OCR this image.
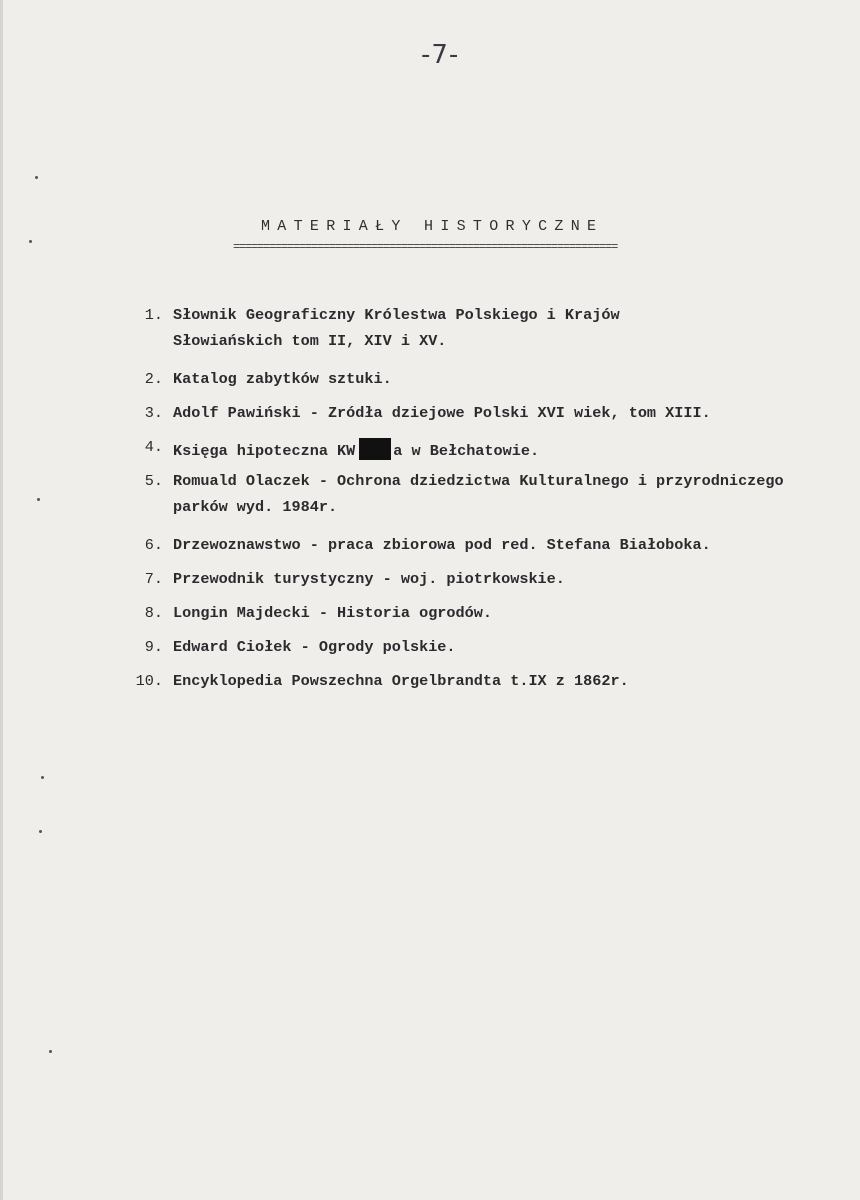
-7-
MATERIAŁY HISTORYCZNE
================================================================
1. Słownik Geograficzny Królestwa Polskiego i Krajów
Słowiańskich tom II, XIV i XV.
2. Katalog zabytków sztuki.
3. Adolf Pawiński - Zródła dziejowe Polski XVI wiek, tom XIII.
4. Księga hipoteczna KW	a w Bełchatowie.
5. Romuald Olaczek - Ochrona dziedzictwa Kulturalnego i przyrodniczego
parków wyd. 1984r.
6. Drzewoznawstwo - praca zbiorowa pod red. Stefana Białoboka.
7. Przewodnik turystyczny - woj. piotrkowskie.
8. Longin Majdecki - Historia ogrodów.
9. Edward Ciołek - Ogrody polskie.
10. Encyklopedia Powszechna Orgelbrandta t.IX z 1862r.
